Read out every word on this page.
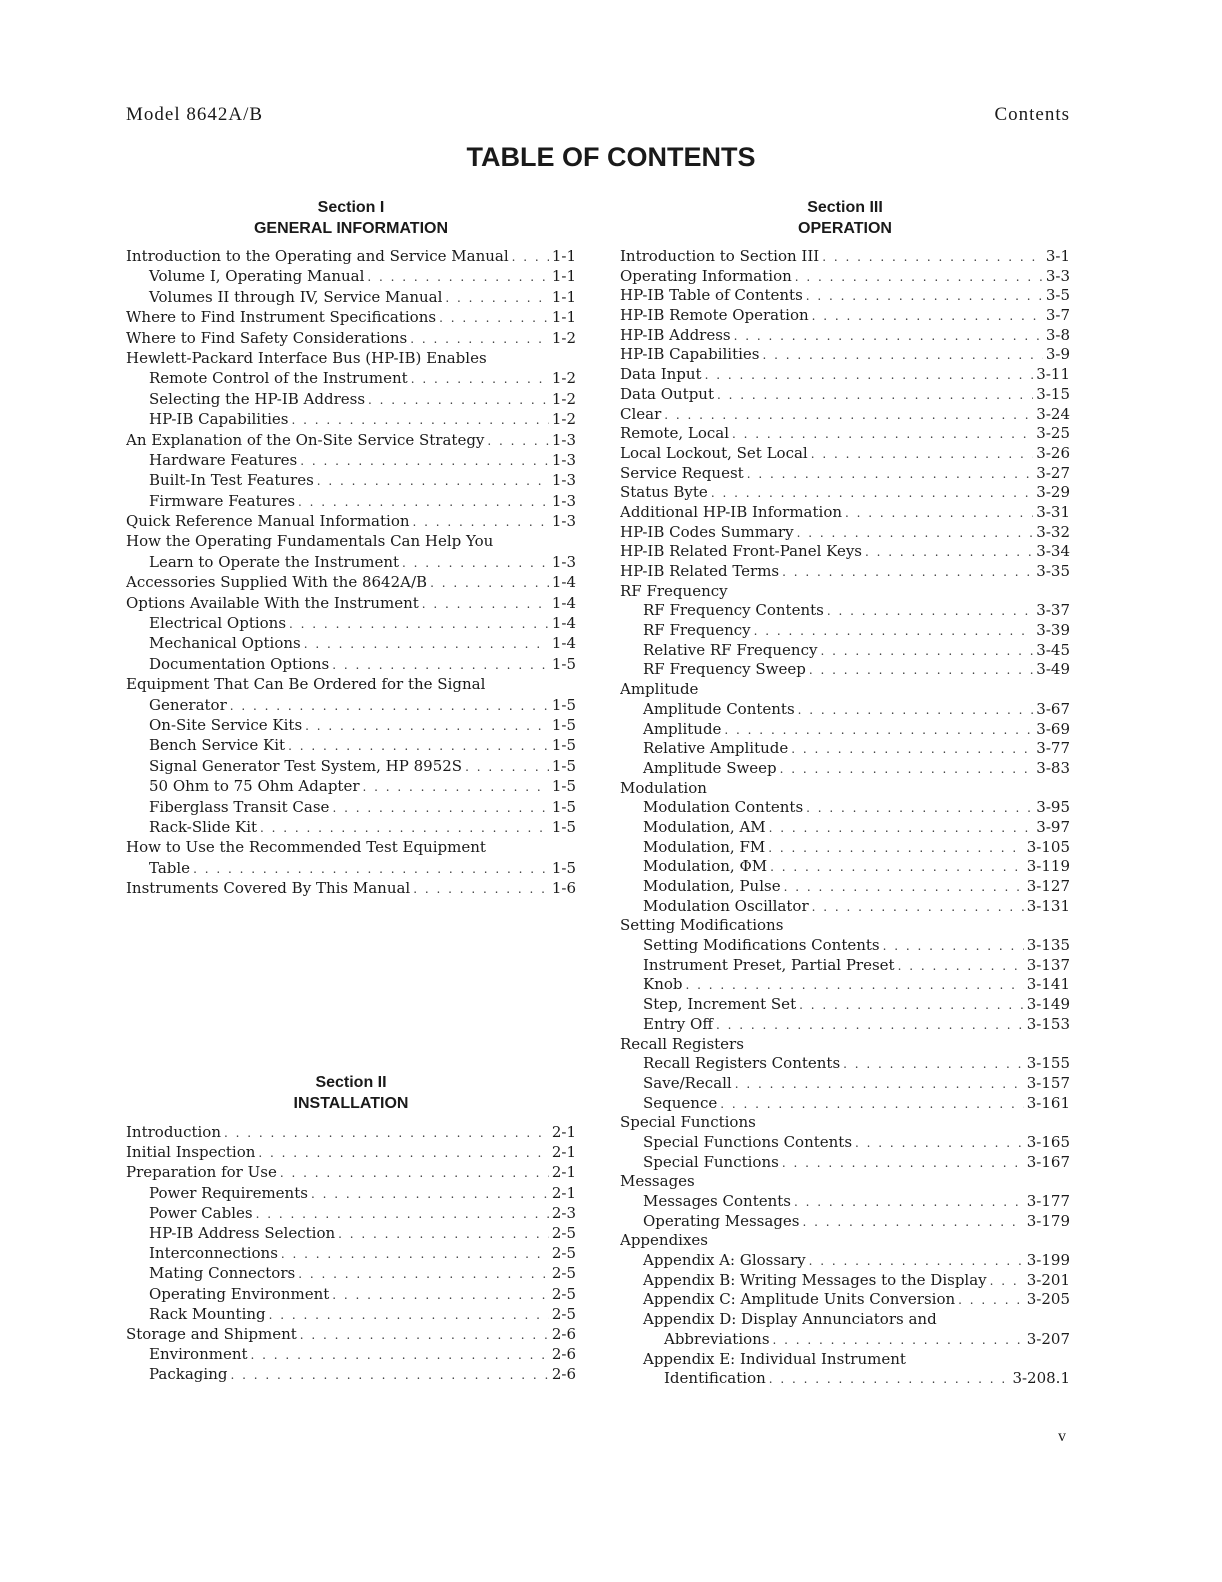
Model 8642A/B	Contents
TABLE OF CONTENTS
Section I
GENERAL INFORMATION
Section III
OPERATION
Section II
INSTALLATION
Introduction to the Operating and Service Manual . . .	1-1
Volume I, Operating Manual . . .	1-1
Volumes II through IV, Service Manual . . .	1-1
Where to Find Instrument Specifications . . .	1-1
Where to Find Safety Considerations . . .	1-2
Hewlett-Packard Interface Bus (HP-IB) Enables
Remote Control of the Instrument . . .	1-2
Selecting the HP-IB Address . . .	1-2
HP-IB Capabilities . . .	1-2
An Explanation of the On-Site Service Strategy . . .	1-3
Hardware Features . . .	1-3
Built-In Test Features . . .	1-3
Firmware Features . . .	1-3
Quick Reference Manual Information . . .	1-3
How the Operating Fundamentals Can Help You
Learn to Operate the Instrument . . .	1-3
Accessories Supplied With the 8642A/B . . .	1-4
Options Available With the Instrument . . .	1-4
Electrical Options . . .	1-4
Mechanical Options . . .	1-4
Documentation Options . . .	1-5
Equipment That Can Be Ordered for the Signal
Generator . . .	1-5
On-Site Service Kits . . .	1-5
Bench Service Kit . . .	1-5
Signal Generator Test System, HP 8952S . . .	1-5
50 Ohm to 75 Ohm Adapter . . .	1-5
Fiberglass Transit Case . . .	1-5
Rack-Slide Kit . . .	1-5
How to Use the Recommended Test Equipment
Table . . .	1-5
Instruments Covered By This Manual . . .	1-6
Introduction . . .	2-1
Initial Inspection . . .	2-1
Preparation for Use . . .	2-1
Power Requirements . . .	2-1
Power Cables . . .	2-3
HP-IB Address Selection . . .	2-5
Interconnections . . .	2-5
Mating Connectors . . .	2-5
Operating Environment . . .	2-5
Rack Mounting . . .	2-5
Storage and Shipment . . .	2-6
Environment . . .	2-6
Packaging . . .	2-6
Introduction to Section III . . .	3-1
Operating Information . . .	3-3
HP-IB Table of Contents . . .	3-5
HP-IB Remote Operation . . .	3-7
HP-IB Address . . .	3-8
HP-IB Capabilities . . .	3-9
Data Input . . .	3-11
Data Output . . .	3-15
Clear . . .	3-24
Remote, Local . . .	3-25
Local Lockout, Set Local . . .	3-26
Service Request . . .	3-27
Status Byte . . .	3-29
Additional HP-IB Information . . .	3-31
HP-IB Codes Summary . . .	3-32
HP-IB Related Front-Panel Keys . . .	3-34
HP-IB Related Terms . . .	3-35
RF Frequency
RF Frequency Contents . . .	3-37
RF Frequency . . .	3-39
Relative RF Frequency . . .	3-45
RF Frequency Sweep . . .	3-49
Amplitude
Amplitude Contents . . .	3-67
Amplitude . . .	3-69
Relative Amplitude . . .	3-77
Amplitude Sweep . . .	3-83
Modulation
Modulation Contents . . .	3-95
Modulation, AM . . .	3-97
Modulation, FM . . .	3-105
Modulation, ΦM . . .	3-119
Modulation, Pulse . . .	3-127
Modulation Oscillator . . .	3-131
Setting Modifications
Setting Modifications Contents . . .	3-135
Instrument Preset, Partial Preset . . .	3-137
Knob . . .	3-141
Step, Increment Set . . .	3-149
Entry Off . . .	3-153
Recall Registers
Recall Registers Contents . . .	3-155
Save/Recall . . .	3-157
Sequence . . .	3-161
Special Functions
Special Functions Contents . . .	3-165
Special Functions . . .	3-167
Messages
Messages Contents . . .	3-177
Operating Messages . . .	3-179
Appendixes
Appendix A: Glossary . . .	3-199
Appendix B: Writing Messages to the Display . . .	3-201
Appendix C: Amplitude Units Conversion . . .	3-205
Appendix D: Display Annunciators and
Abbreviations . . .	3-207
Appendix E: Individual Instrument
Identification . . .	3-208.1
v
